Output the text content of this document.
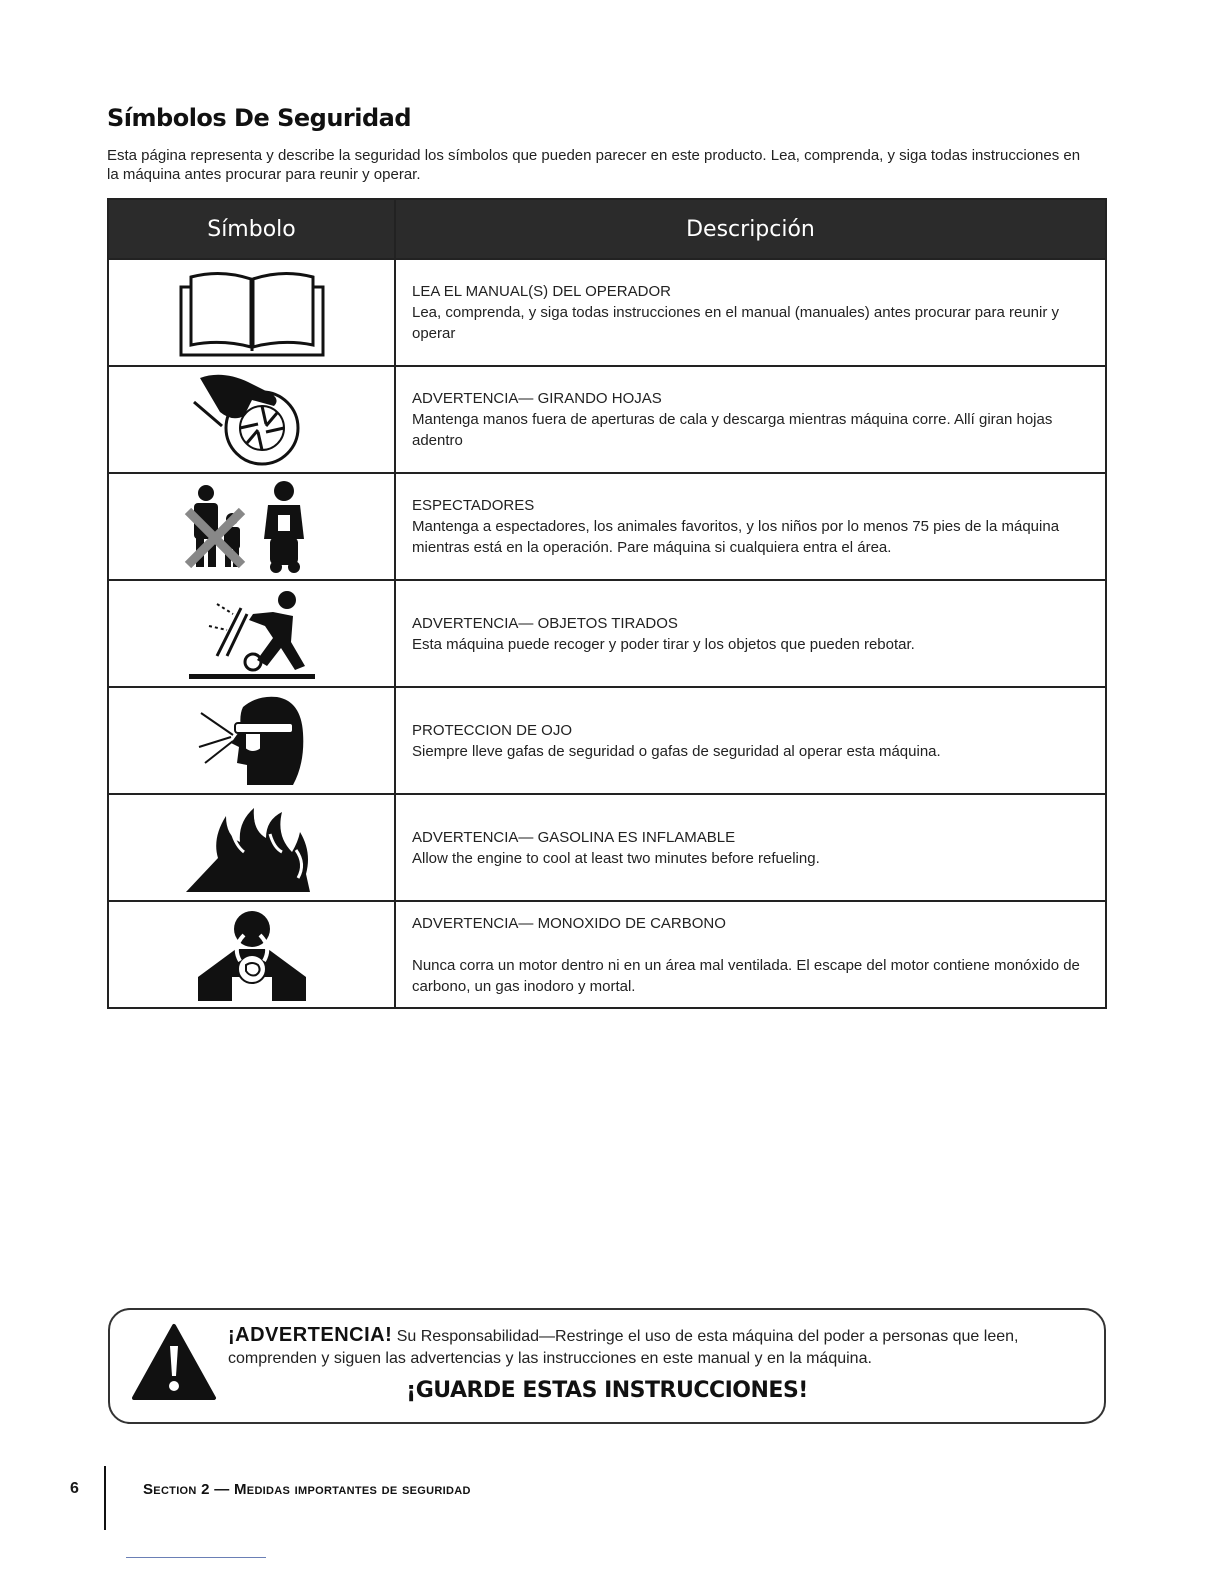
Símbolos De Seguridad

Esta página representa y describe la seguridad los símbolos que pueden parecer en este producto. Lea, comprenda, y siga todas instrucciones en la máquina antes procurar para reunir y operar.

Símbolo	Descripción

LEA EL MANUAL(S) DEL OPERADOR
Lea, comprenda, y siga todas instrucciones en el manual (manuales) antes procurar para reunir y operar

ADVERTENCIA— GIRANDO HOJAS
Mantenga manos fuera de aperturas de cala y descarga mientras máquina corre. Allí giran hojas adentro

ESPECTADORES
Mantenga a espectadores, los animales favoritos, y los niños por lo menos 75 pies de la máquina mientras está en la operación. Pare máquina si cualquiera entra el área.

ADVERTENCIA— OBJETOS TIRADOS
Esta máquina puede recoger y poder tirar y los objetos que pueden rebotar.

PROTECCION DE OJO
Siempre lleve gafas de seguridad o gafas de seguridad al operar esta máquina.

ADVERTENCIA— GASOLINA ES INFLAMABLE
Allow the engine to cool at least two minutes before refueling.

ADVERTENCIA— MONOXIDO DE CARBONO
Nunca corra un motor dentro ni en un área mal ventilada. El escape del motor contiene monóxido de carbono, un gas inodoro y mortal.
¡ADVERTENCIA! Su Responsabilidad—Restringe el uso de esta máquina del poder a personas que leen, comprenden y siguen las advertencias y las instrucciones en este manual y en la máquina.
¡GUARDE ESTAS INSTRUCCIONES!
6	Section 2 — Medidas importantes de seguridad
